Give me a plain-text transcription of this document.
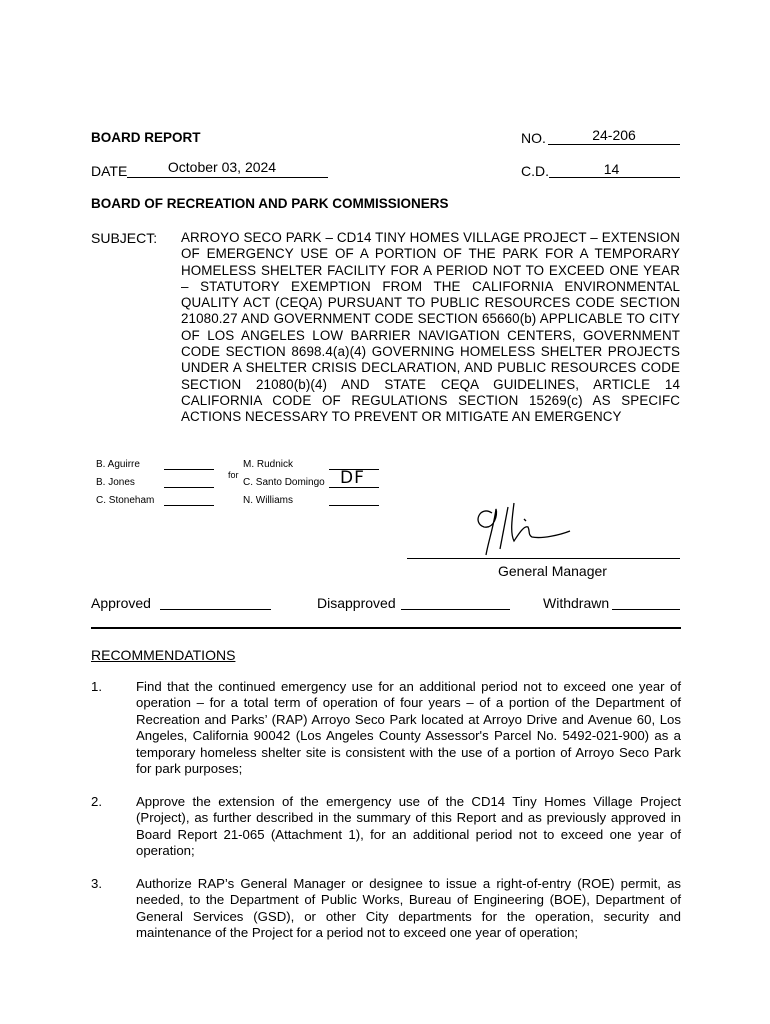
BOARD REPORT	NO.	24-206
DATE	October 03, 2024	C.D.	14
BOARD OF RECREATION AND PARK COMMISSIONERS
SUBJECT: ARROYO SECO PARK – CD14 TINY HOMES VILLAGE PROJECT – EXTENSION OF EMERGENCY USE OF A PORTION OF THE PARK FOR A TEMPORARY HOMELESS SHELTER FACILITY FOR A PERIOD NOT TO EXCEED ONE YEAR – STATUTORY EXEMPTION FROM THE CALIFORNIA ENVIRONMENTAL QUALITY ACT (CEQA) PURSUANT TO PUBLIC RESOURCES CODE SECTION 21080.27 AND GOVERNMENT CODE SECTION 65660(b) APPLICABLE TO CITY OF LOS ANGELES LOW BARRIER NAVIGATION CENTERS, GOVERNMENT CODE SECTION 8698.4(a)(4) GOVERNING HOMELESS SHELTER PROJECTS UNDER A SHELTER CRISIS DECLARATION, AND PUBLIC RESOURCES CODE SECTION 21080(b)(4) AND STATE CEQA GUIDELINES, ARTICLE 14 CALIFORNIA CODE OF REGULATIONS SECTION 15269(c) AS SPECIFC ACTIONS NECESSARY TO PREVENT OR MITIGATE AN EMERGENCY
B. Aguirre
B. Jones
C. Stoneham
M. Rudnick
for
C. Santo Domingo DF
N. Williams
General Manager
Approved	Disapproved	Withdrawn
RECOMMENDATIONS
1.	Find that the continued emergency use for an additional period not to exceed one year of operation – for a total term of operation of four years – of a portion of the Department of Recreation and Parks’ (RAP) Arroyo Seco Park located at Arroyo Drive and Avenue 60, Los Angeles, California 90042 (Los Angeles County Assessor's Parcel No. 5492-021-900) as a temporary homeless shelter site is consistent with the use of a portion of Arroyo Seco Park for park purposes;
2.	Approve the extension of the emergency use of the CD14 Tiny Homes Village Project (Project), as further described in the summary of this Report and as previously approved in Board Report 21-065 (Attachment 1), for an additional period not to exceed one year of operation;
3.	Authorize RAP’s General Manager or designee to issue a right-of-entry (ROE) permit, as needed, to the Department of Public Works, Bureau of Engineering (BOE), Department of General Services (GSD), or other City departments for the operation, security and maintenance of the Project for a period not to exceed one year of operation;
